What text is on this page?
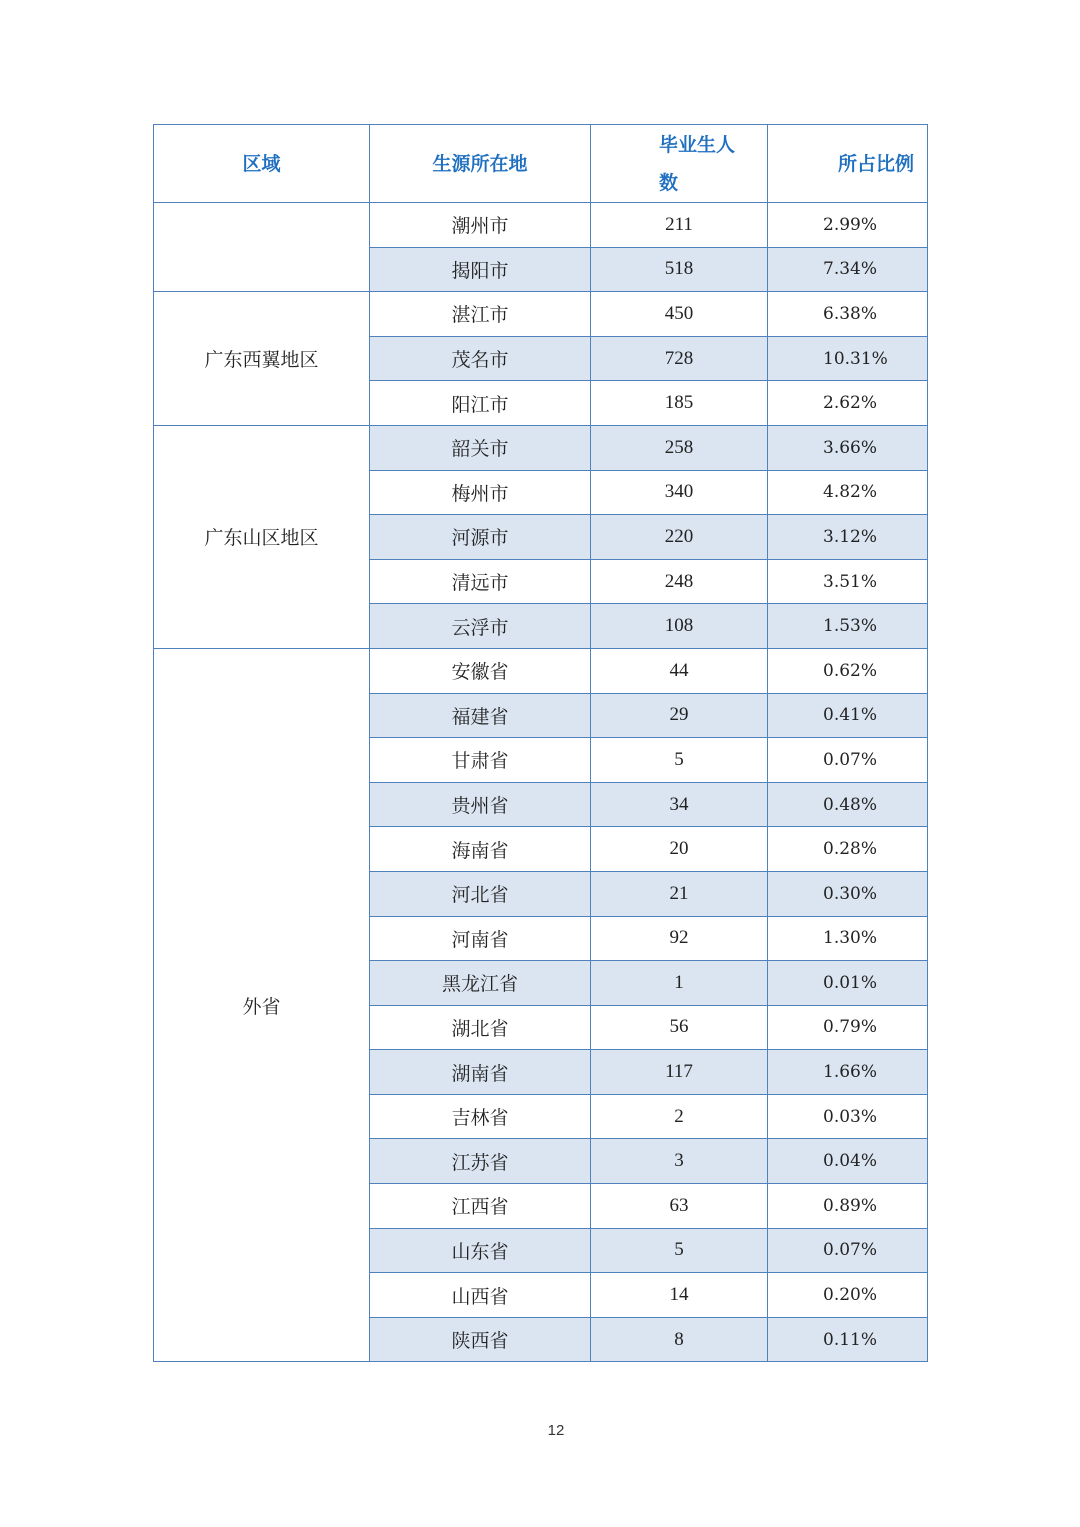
区域	生源所在地	毕业生人数	所占比例
	潮州市	211	2.99%
	揭阳市	518	7.34%
广东西翼地区	湛江市	450	6.38%
	茂名市	728	10.31%
	阳江市	185	2.62%
广东山区地区	韶关市	258	3.66%
	梅州市	340	4.82%
	河源市	220	3.12%
	清远市	248	3.51%
	云浮市	108	1.53%
外省	安徽省	44	0.62%
	福建省	29	0.41%
	甘肃省	5	0.07%
	贵州省	34	0.48%
	海南省	20	0.28%
	河北省	21	0.30%
	河南省	92	1.30%
	黑龙江省	1	0.01%
	湖北省	56	0.79%
	湖南省	117	1.66%
	吉林省	2	0.03%
	江苏省	3	0.04%
	江西省	63	0.89%
	山东省	5	0.07%
	山西省	14	0.20%
	陕西省	8	0.11%
12
